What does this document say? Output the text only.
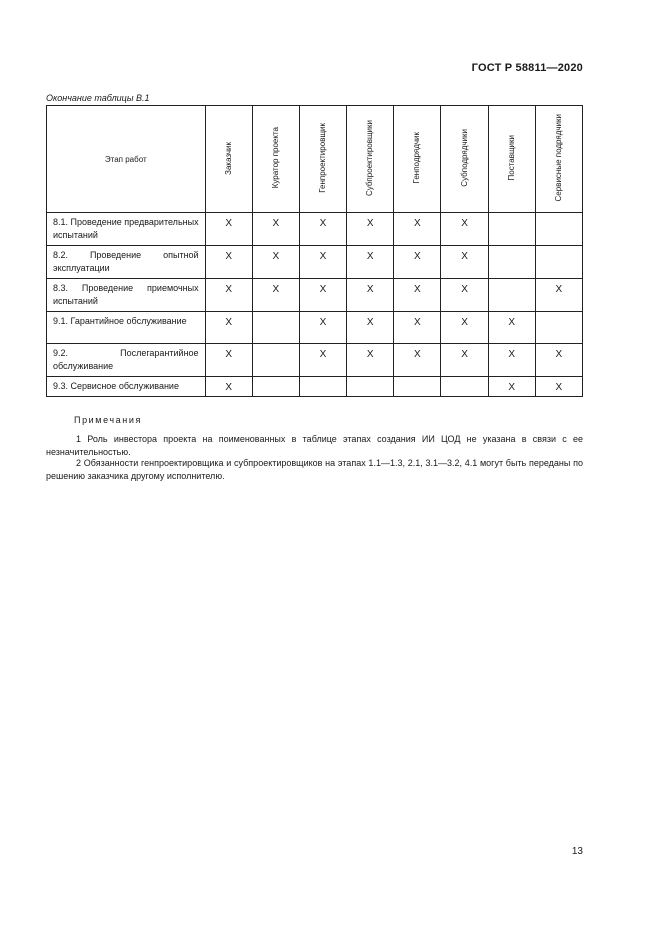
ГОСТ Р 58811—2020
Окончание таблицы В.1
Этап работ	Заказчик	Куратор проекта	Генпроектировщик	Субпроектировщики	Генподрядчик	Субподрядчики	Поставщики	Сервисные подрядчики
8.1. Проведение предварительных испытаний	X	X	X	X	X	X		
8.2. Проведение опытной эксплуатации	X	X	X	X	X	X		
8.3. Проведение приемочных испытаний	X	X	X	X	X	X		X
9.1. Гарантийное обслуживание	X		X	X	X	X	X	
9.2. Послегарантийное обслуживание	X		X	X	X	X	X	X
9.3. Сервисное обслуживание	X						X	X
Примечания
1 Роль инвестора проекта на поименованных в таблице этапах создания ИИ ЦОД не указана в связи с ее незначительностью.
2 Обязанности генпроектировщика и субпроектировщиков на этапах 1.1—1.3, 2.1, 3.1—3.2, 4.1 могут быть переданы по решению заказчика другому исполнителю.
13
